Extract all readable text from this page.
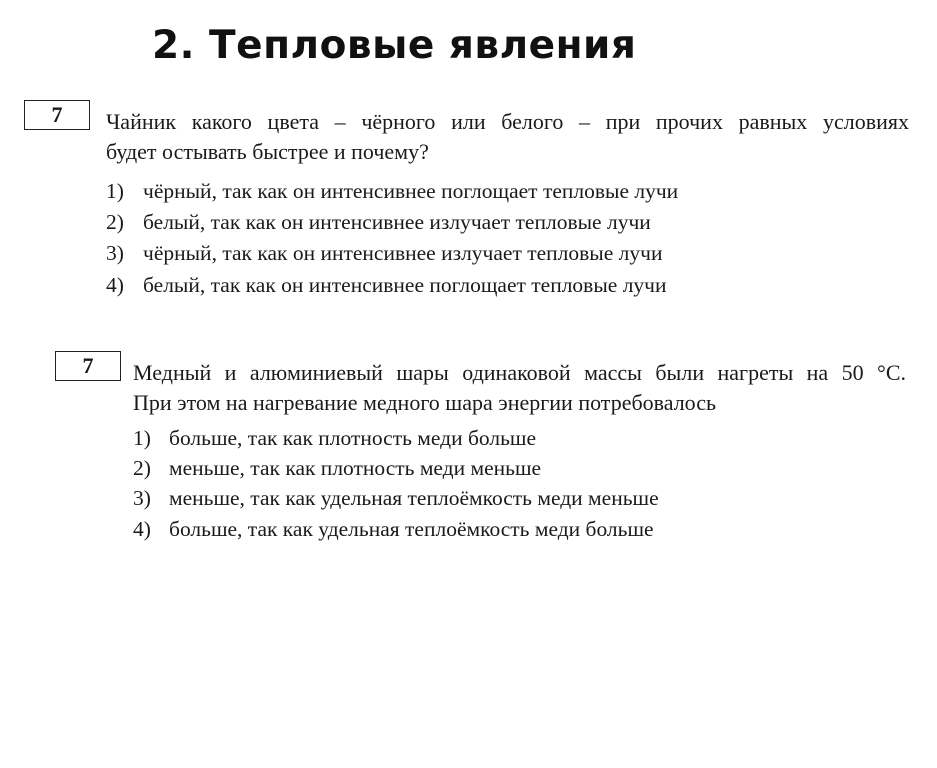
2. Тепловые явления
7	Чайник какого цвета – чёрного или белого – при прочих равных условиях
будет остывать быстрее и почему?
1) чёрный, так как он интенсивнее поглощает тепловые лучи
2) белый, так как он интенсивнее излучает тепловые лучи
3) чёрный, так как он интенсивнее излучает тепловые лучи
4) белый, так как он интенсивнее поглощает тепловые лучи
7	Медный и алюминиевый шары одинаковой массы были нагреты на 50 °С.
При этом на нагревание медного шара энергии потребовалось
1) больше, так как плотность меди больше
2) меньше, так как плотность меди меньше
3) меньше, так как удельная теплоёмкость меди меньше
4) больше, так как удельная теплоёмкость меди больше
